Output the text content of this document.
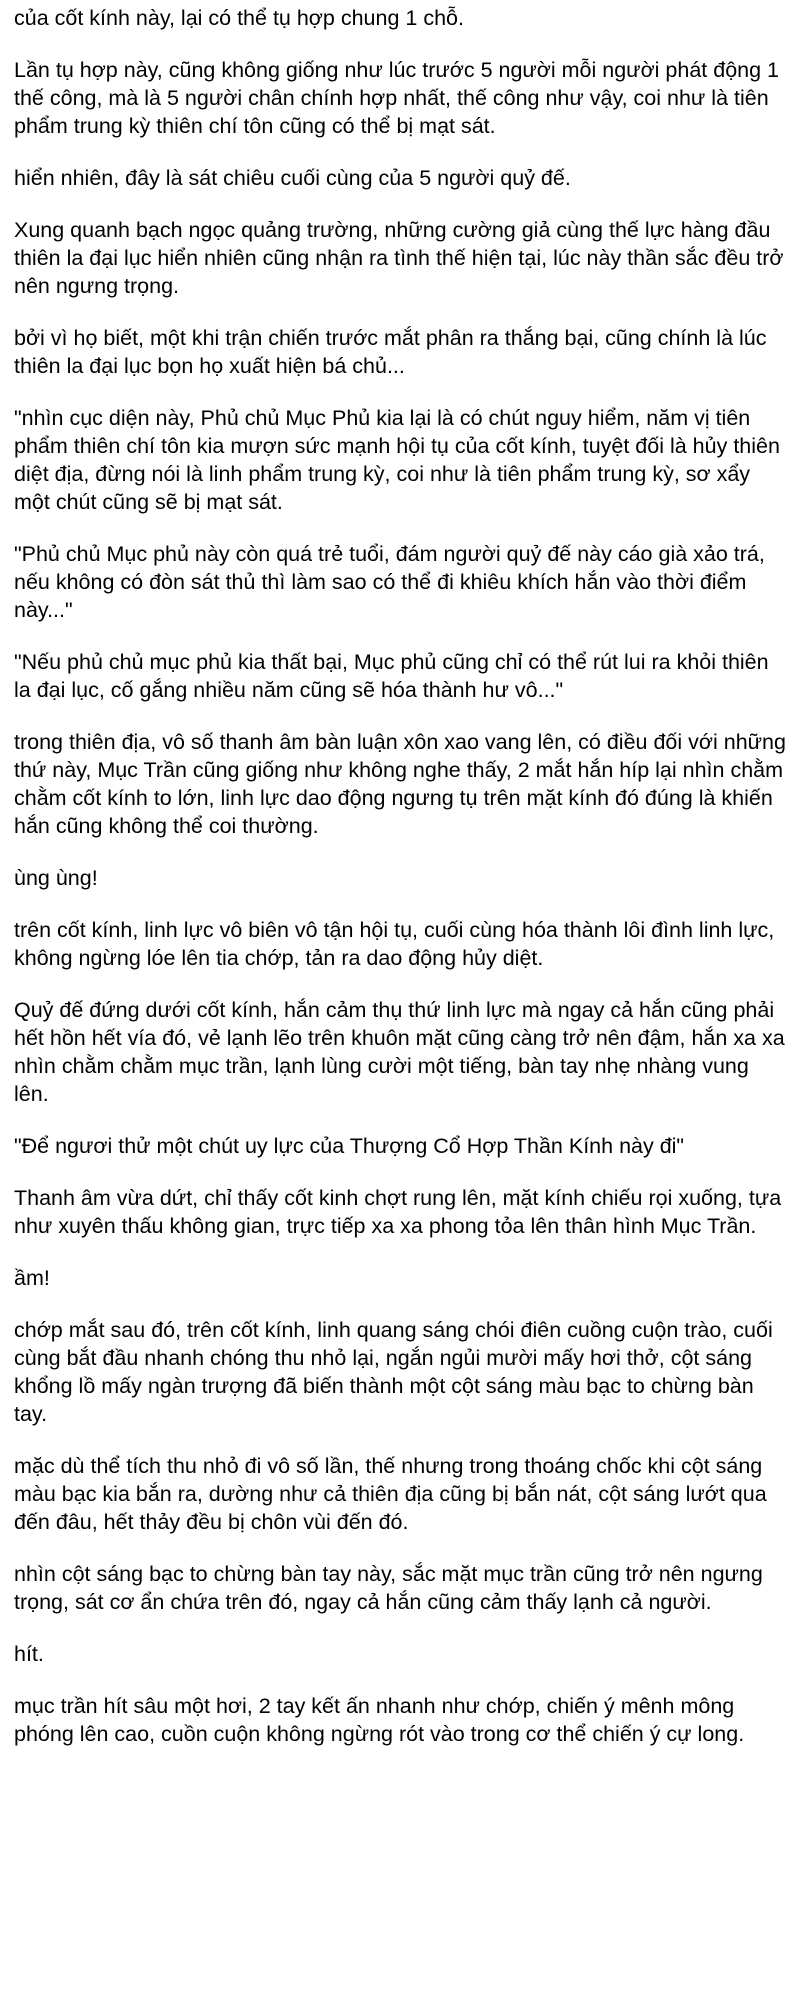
của cốt kính này, lại có thể tụ hợp chung 1 chỗ.

Lần tụ hợp này, cũng không giống như lúc trước 5 người mỗi người phát động 1 thế công, mà là 5 người chân chính hợp nhất, thế công như vậy, coi như là tiên phẩm trung kỳ thiên chí tôn cũng có thể bị mạt sát.

hiển nhiên, đây là sát chiêu cuối cùng của 5 người quỷ đế.

Xung quanh bạch ngọc quảng trường, những cường giả cùng thế lực hàng đầu thiên la đại lục hiển nhiên cũng nhận ra tình thế hiện tại, lúc này thần sắc đều trở nên ngưng trọng.

bởi vì họ biết, một khi trận chiến trước mắt phân ra thắng bại, cũng chính là lúc thiên la đại lục bọn họ xuất hiện bá chủ...

"nhìn cục diện này, Phủ chủ Mục Phủ kia lại là có chút nguy hiểm, năm vị tiên phẩm thiên chí tôn kia mượn sức mạnh hội tụ của cốt kính, tuyệt đối là hủy thiên diệt địa, đừng nói là linh phẩm trung kỳ, coi như là tiên phẩm trung kỳ, sơ xẩy một chút cũng sẽ bị mạt sát.

"Phủ chủ Mục phủ này còn quá trẻ tuổi, đám người quỷ đế này cáo già xảo trá, nếu không có đòn sát thủ thì làm sao có thể đi khiêu khích hắn vào thời điểm này..."

"Nếu phủ chủ mục phủ kia thất bại, Mục phủ cũng chỉ có thể rút lui ra khỏi thiên la đại lục, cố gắng nhiều năm cũng sẽ hóa thành hư vô..."

trong thiên địa, vô số thanh âm bàn luận xôn xao vang lên, có điều đối với những thứ này, Mục Trần cũng giống như không nghe thấy, 2 mắt hắn híp lại nhìn chằm chằm cốt kính to lớn, linh lực dao động ngưng tụ trên mặt kính đó đúng là khiến hắn cũng không thể coi thường.

ùng ùng!

trên cốt kính, linh lực vô biên vô tận hội tụ, cuối cùng hóa thành lôi đình linh lực, không ngừng lóe lên tia chớp, tản ra dao động hủy diệt.

Quỷ đế đứng dưới cốt kính, hắn cảm thụ thứ linh lực mà ngay cả hắn cũng phải hết hồn hết vía đó, vẻ lạnh lẽo trên khuôn mặt cũng càng trở nên đậm, hắn xa xa nhìn chằm chằm mục trần, lạnh lùng cười một tiếng, bàn tay nhẹ nhàng vung lên.

"Để ngươi thử một chút uy lực của Thượng Cổ Hợp Thần Kính này đi"

Thanh âm vừa dứt, chỉ thấy cốt kinh chợt rung lên, mặt kính chiếu rọi xuống, tựa như xuyên thấu không gian, trực tiếp xa xa phong tỏa lên thân hình Mục Trần.

ầm!

chớp mắt sau đó, trên cốt kính, linh quang sáng chói điên cuồng cuộn trào, cuối cùng bắt đầu nhanh chóng thu nhỏ lại, ngắn ngủi mười mấy hơi thở, cột sáng khổng lồ mấy ngàn trượng đã biến thành một cột sáng màu bạc to chừng bàn tay.

mặc dù thể tích thu nhỏ đi vô số lần, thế nhưng trong thoáng chốc khi cột sáng màu bạc kia bắn ra, dường như cả thiên địa cũng bị bắn nát, cột sáng lướt qua đến đâu, hết thảy đều bị chôn vùi đến đó.

nhìn cột sáng bạc to chừng bàn tay này, sắc mặt mục trần cũng trở nên ngưng trọng, sát cơ ẩn chứa trên đó, ngay cả hắn cũng cảm thấy lạnh cả người.

hít.

mục trần hít sâu một hơi, 2 tay kết ấn nhanh như chớp, chiến ý mênh mông phóng lên cao, cuồn cuộn không ngừng rót vào trong cơ thể chiến ý cự long.
